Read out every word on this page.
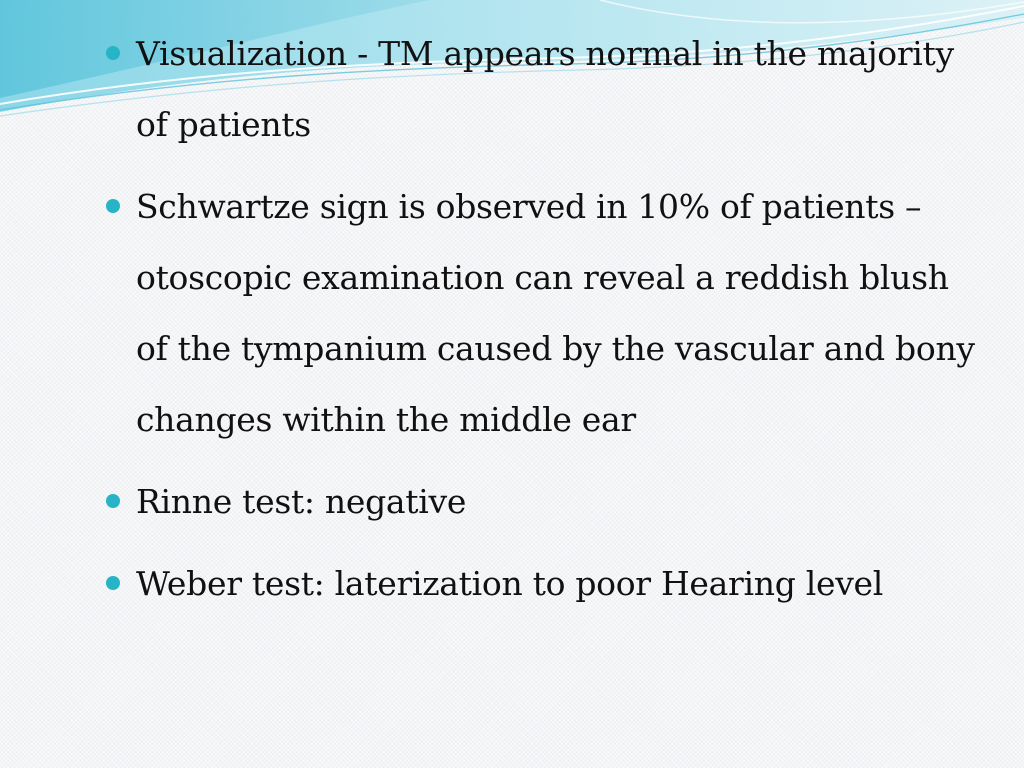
Visualization - TM appears normal in the majority of patients
Schwartze sign is observed in 10% of patients – otoscopic examination can reveal a reddish blush of the tympanium caused by the vascular and bony changes within the middle ear
Rinne test: negative
Weber test: laterization to poor Hearing level
